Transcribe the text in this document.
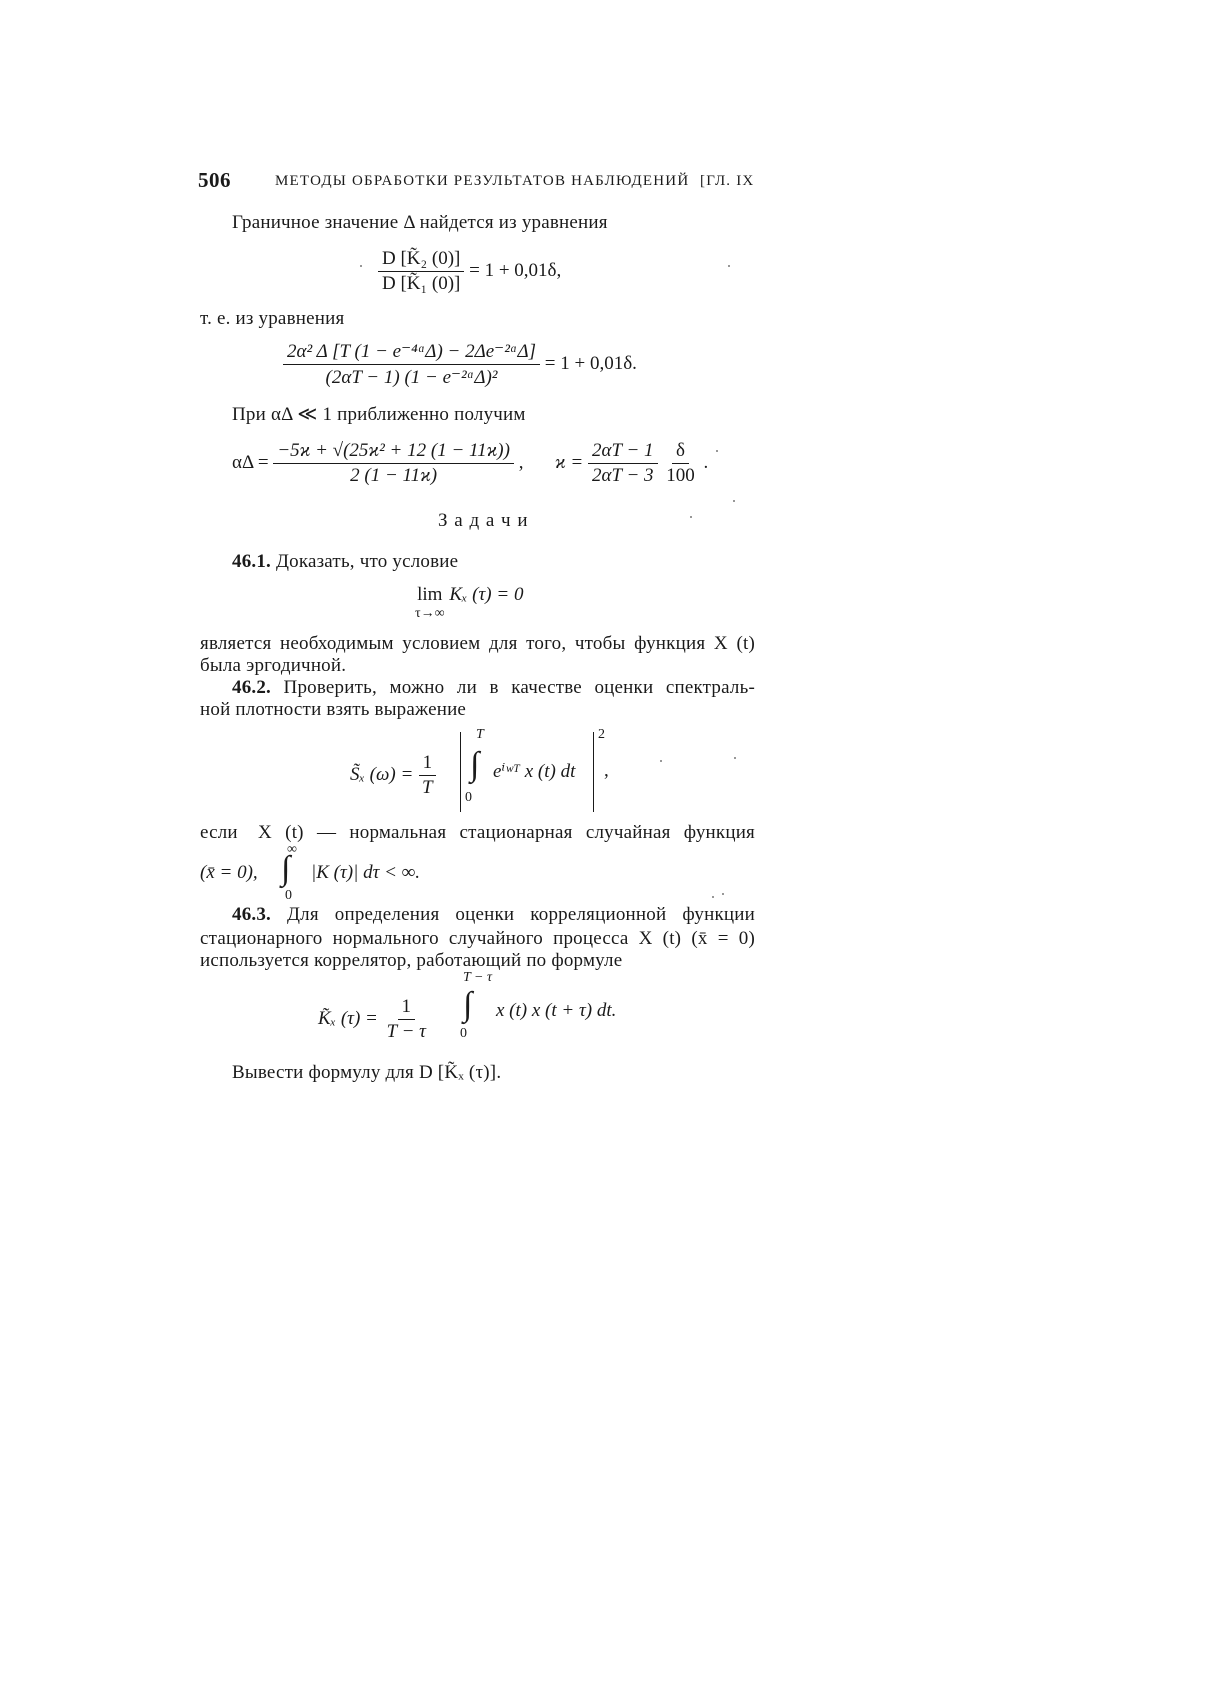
506	МЕТОДЫ ОБРАБОТКИ РЕЗУЛЬТАТОВ НАБЛЮДЕНИЙ [ГЛ. IX
Граничное значение Δ найдется из уравнения
$\frac{\text{D [K̃₂ (0)]}}{\text{D [K̃₁ (0)]}} = 1 + 0,01\delta$,
т. е. из уравнения
$\frac{\text{2α² Δ [T (1 − e⁻⁴ᵅΔ) − 2Δe⁻²ᵅΔ]}}{\text{(2αT − 1) (1 − e⁻²ᵅΔ)²}} = 1 + 0,01\delta$.
При αΔ ≪ 1 приближенно получим
$\alpha\Delta = \frac{\text{−5ϰ + √(25ϰ² + 12 (1 − 11ϰ))}}{2 (1 - 11ϰ)}$ , $ϰ = \frac{2\alpha T - 1}{2\alpha T - 3}$
$\frac{\delta}{100}$ .
З а д а ч и
46.1. Доказать, что условие
lim
τ→∞
Kₓ (τ) = 0
является необходимым условием для того, чтобы функция X (t)
была эргодичной.
46.2. Проверить, можно ли в качестве оценки спектраль-
ной плотности взять выражение
S̃ₓ $(\omega) = \frac{1}{T}$
T
∫
0
eⁱʷᵀ x (t) dt
2
,
если X (t) — нормальная стационарная случайная функция
(x̄ = 0),
∞
∫
0
|K (τ)| dτ < ∞.
46.3. Для определения оценки корреляционной функции
стационарного нормального случайного процесса X (t) (x̄ = 0)
используется коррелятор, работающий по формуле
K̃ₓ $(\tau) = \frac{1}{T - \tau}$
T − τ
∫
0
x (t) x (t + τ) dt.
Вывести формулу для D [K̃ₓ (τ)].
